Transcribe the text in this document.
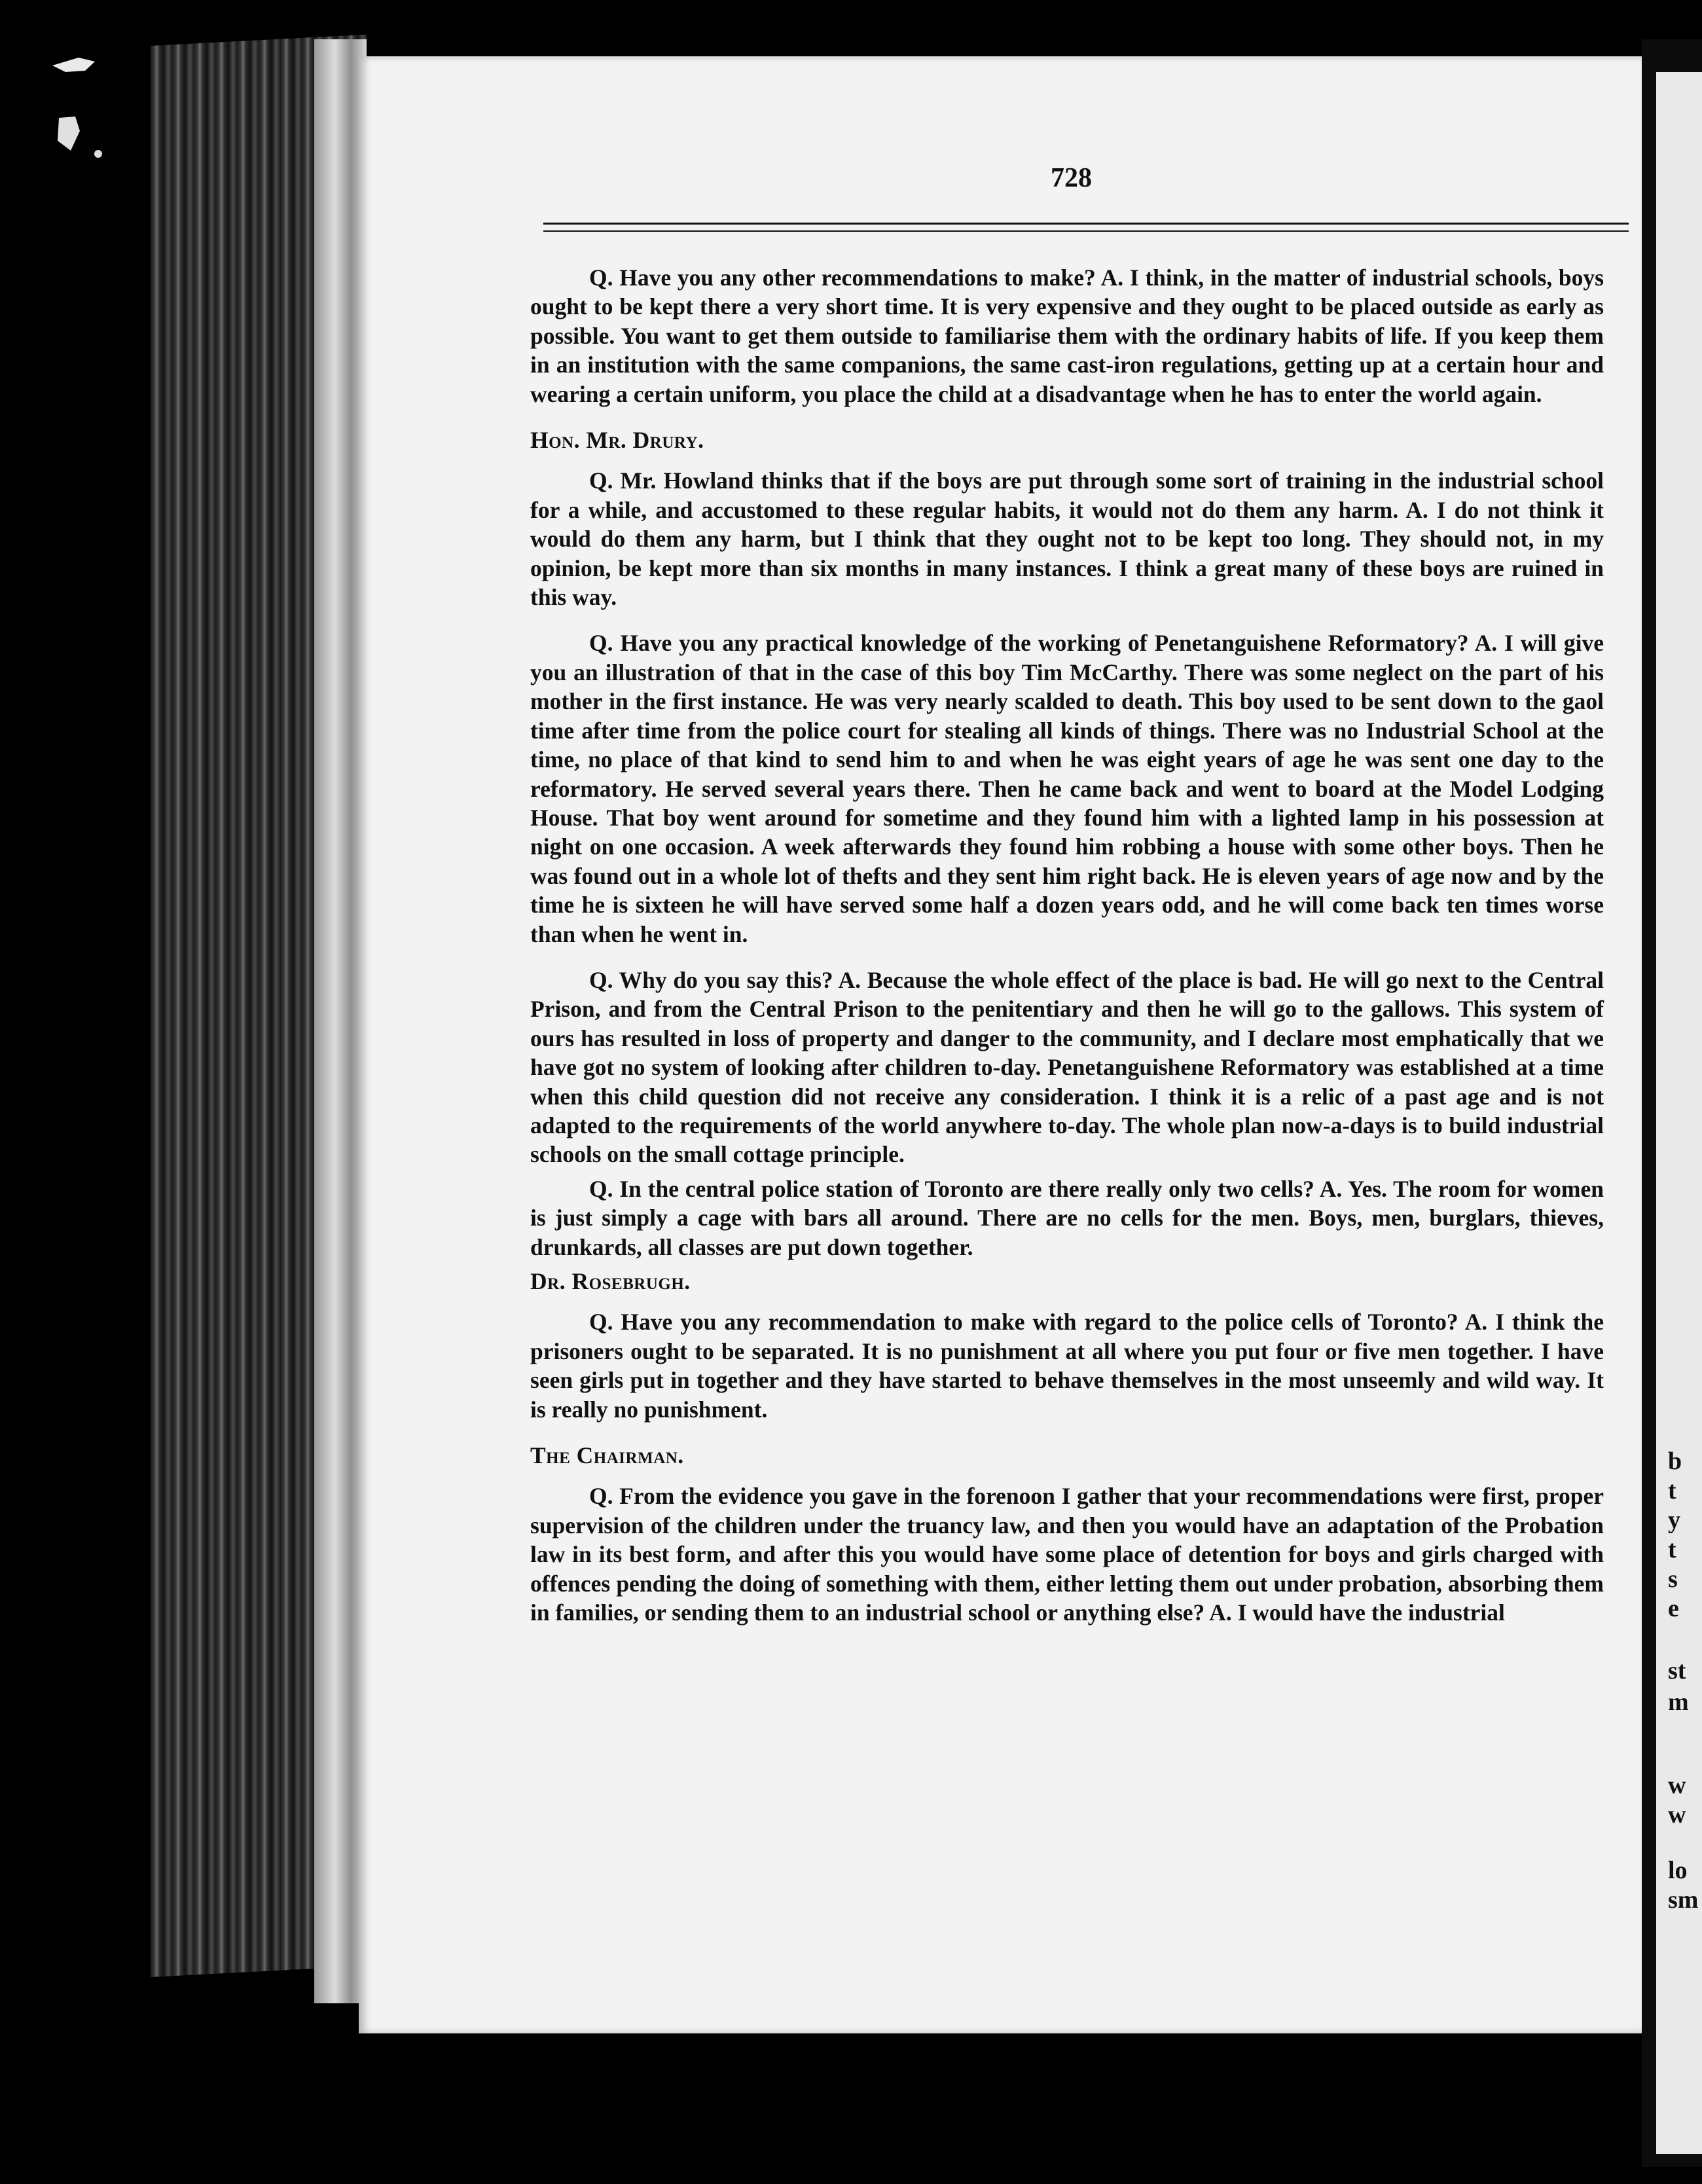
b
t
y
t
s
e
st
m
w
w
lo
sm
728

Q. Have you any other recommendations to make? A. I think, in the matter of industrial schools, boys ought to be kept there a very short time. It is very expensive and they ought to be placed outside as early as possible. You want to get them outside to familiarise them with the ordinary habits of life. If you keep them in an institution with the same companions, the same cast-iron regulations, getting up at a certain hour and wearing a certain uniform, you place the child at a disadvantage when he has to enter the world again.

Hon. Mr. Drury.

Q. Mr. Howland thinks that if the boys are put through some sort of training in the industrial school for a while, and accustomed to these regular habits, it would not do them any harm. A. I do not think it would do them any harm, but I think that they ought not to be kept too long. They should not, in my opinion, be kept more than six months in many instances. I think a great many of these boys are ruined in this way.

Q. Have you any practical knowledge of the working of Penetanguishene Reformatory? A. I will give you an illustration of that in the case of this boy Tim McCarthy. There was some neglect on the part of his mother in the first instance. He was very nearly scalded to death. This boy used to be sent down to the gaol time after time from the police court for stealing all kinds of things. There was no Industrial School at the time, no place of that kind to send him to and when he was eight years of age he was sent one day to the reformatory. He served several years there. Then he came back and went to board at the Model Lodging House. That boy went around for sometime and they found him with a lighted lamp in his possession at night on one occasion. A week afterwards they found him robbing a house with some other boys. Then he was found out in a whole lot of thefts and they sent him right back. He is eleven years of age now and by the time he is sixteen he will have served some half a dozen years odd, and he will come back ten times worse than when he went in.

Q. Why do you say this? A. Because the whole effect of the place is bad. He will go next to the Central Prison, and from the Central Prison to the penitentiary and then he will go to the gallows. This system of ours has resulted in loss of property and danger to the community, and I declare most emphatically that we have got no system of looking after children to-day. Penetanguishene Reformatory was established at a time when this child question did not receive any consideration. I think it is a relic of a past age and is not adapted to the requirements of the world anywhere to-day. The whole plan now-a-days is to build industrial schools on the small cottage principle.

Q. In the central police station of Toronto are there really only two cells? A. Yes. The room for women is just simply a cage with bars all around. There are no cells for the men. Boys, men, burglars, thieves, drunkards, all classes are put down together.

Dr. Rosebrugh.

Q. Have you any recommendation to make with regard to the police cells of Toronto? A. I think the prisoners ought to be separated. It is no punishment at all where you put four or five men together. I have seen girls put in together and they have started to behave themselves in the most unseemly and wild way. It is really no punishment.

The Chairman.

Q. From the evidence you gave in the forenoon I gather that your recommendations were first, proper supervision of the children under the truancy law, and then you would have an adaptation of the Probation law in its best form, and after this you would have some place of detention for boys and girls charged with offences pending the doing of something with them, either letting them out under probation, absorbing them in families, or sending them to an industrial school or anything else? A. I would have the industrial
